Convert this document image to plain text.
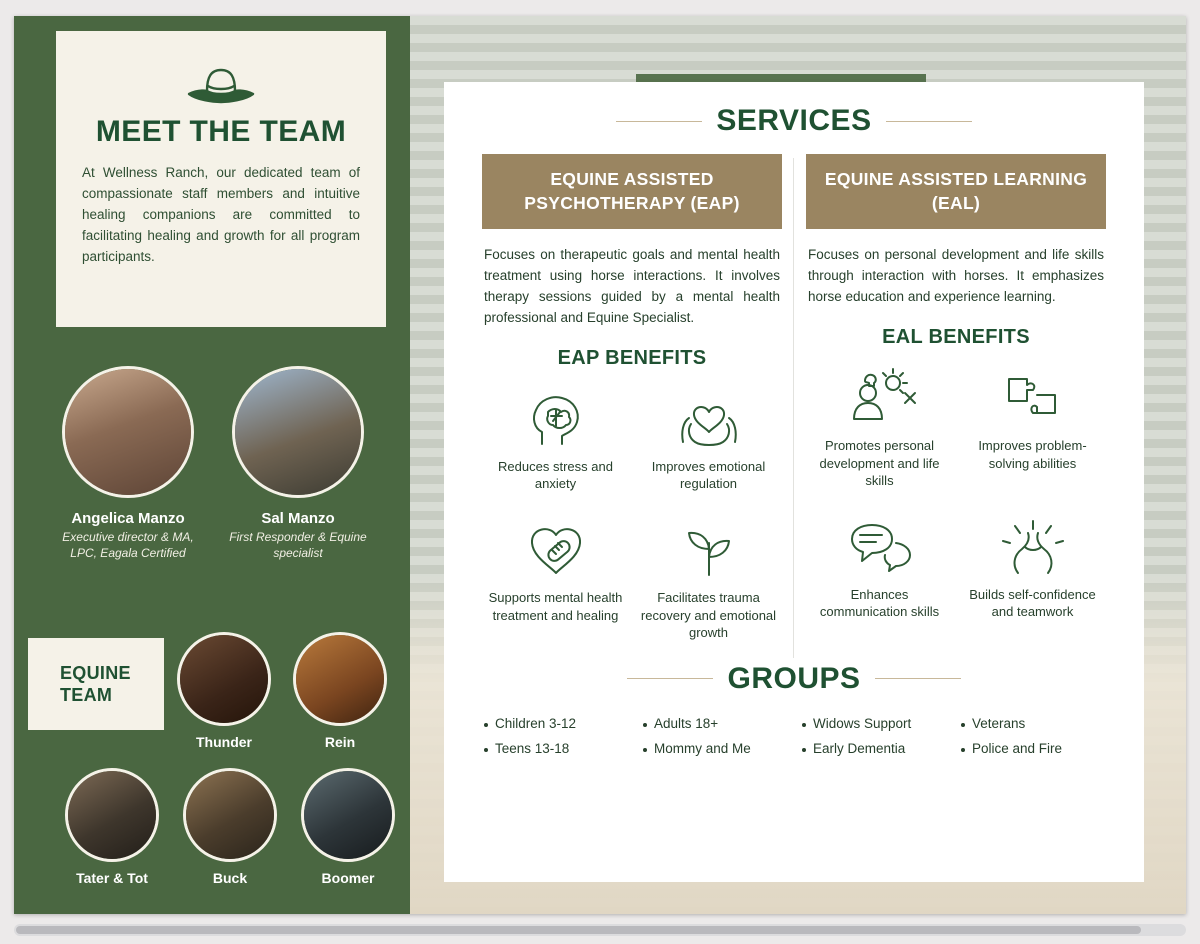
MEET THE TEAM
At Wellness Ranch, our dedicated team of compassionate staff members and intuitive healing companions are committed to facilitating healing and growth for all program participants.
Angelica Manzo
Executive director & MA, LPC, Eagala Certified
Sal Manzo
First Responder & Equine specialist
EQUINE TEAM
Thunder	Rein
Tater & Tot	Buck	Boomer
SERVICES
EQUINE ASSISTED PSYCHOTHERAPY (EAP)
Focuses on therapeutic goals and mental health treatment using horse interactions. It involves therapy sessions guided by a mental health professional and Equine Specialist.
EAP BENEFITS
Reduces stress and anxiety
Improves emotional regulation
Supports mental health treatment and healing
Facilitates trauma recovery and emotional growth
EQUINE ASSISTED LEARNING (EAL)
Focuses on personal development and life skills through interaction with horses. It emphasizes horse education and experience learning.
EAL BENEFITS
Promotes personal development and life skills
Improves problem-solving abilities
Enhances communication skills
Builds self-confidence and teamwork
GROUPS
Children 3-12	Adults 18+	Widows Support	Veterans
Teens 13-18	Mommy and Me	Early Dementia	Police and Fire
